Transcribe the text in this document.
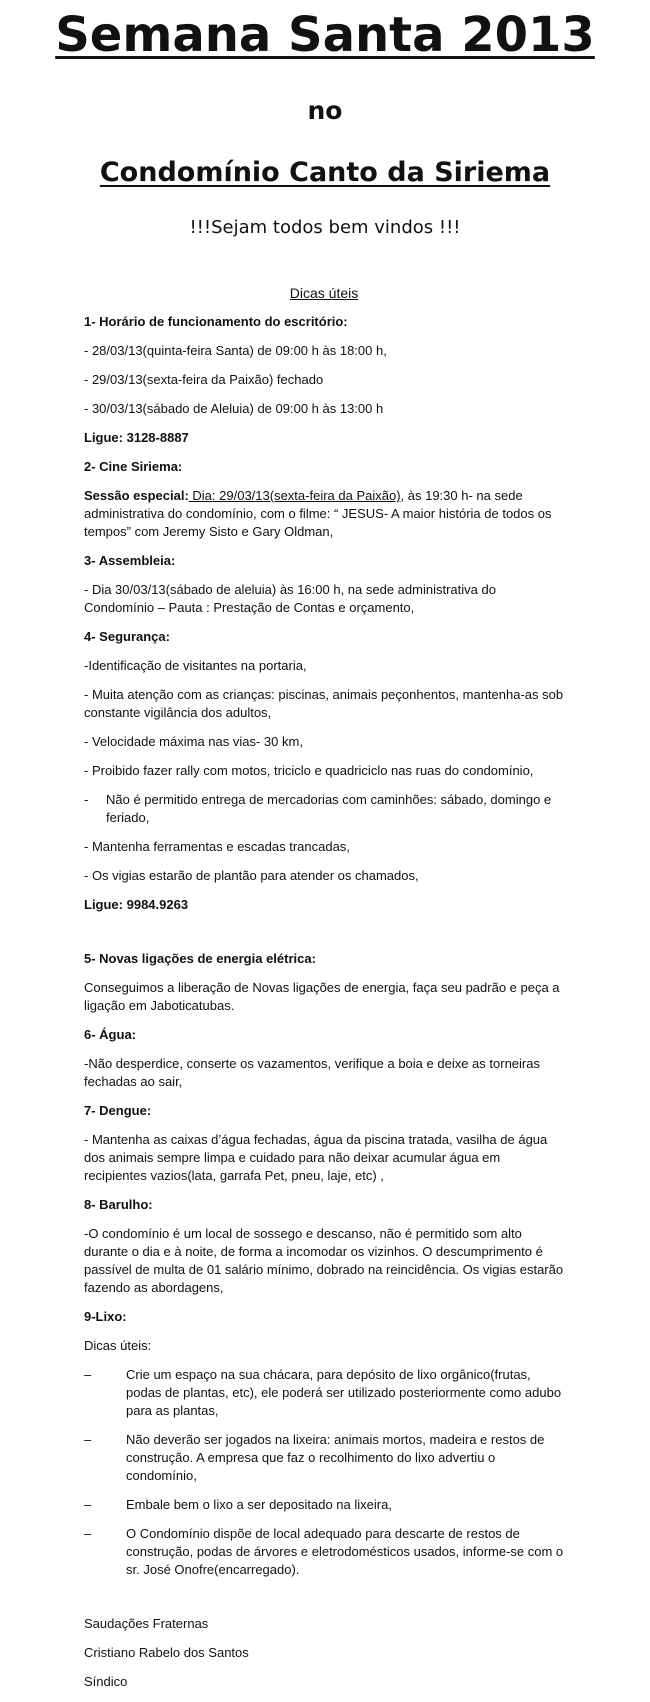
Semana Santa 2013
no
Condomínio Canto da Siriema
!!!Sejam todos bem vindos !!!

Dicas úteis

1- Horário de funcionamento do escritório:

- 28/03/13(quinta-feira Santa) de 09:00 h às 18:00 h,

- 29/03/13(sexta-feira da Paixão) fechado

- 30/03/13(sábado de Aleluia) de 09:00 h às 13:00 h

Ligue: 3128-8887

2- Cine Siriema:

Sessão especial: Dia: 29/03/13(sexta-feira da Paixão), às 19:30 h- na sede administrativa do condomínio, com o filme: “ JESUS- A maior história de todos os tempos” com Jeremy Sisto e Gary Oldman,

3- Assembleia:

- Dia 30/03/13(sábado de aleluia) às 16:00 h, na sede administrativa do Condomínio – Pauta : Prestação de Contas e orçamento,

4- Segurança:

-Identificação de visitantes na portaria,

- Muita atenção com as crianças: piscinas, animais peçonhentos, mantenha-as sob constante vigilância dos adultos,

- Velocidade máxima nas vias- 30 km,

- Proibido fazer rally com motos, triciclo e quadriciclo nas ruas do condomínio,

-	Não é permitido entrega de mercadorias com caminhões: sábado, domingo e feriado,

- Mantenha ferramentas e escadas trancadas,

- Os vigias estarão de plantão para atender os chamados,

Ligue: 9984.9263

5- Novas ligações de energia elétrica:

Conseguimos a liberação de Novas ligações de energia, faça seu padrão e peça a ligação em Jaboticatubas.

6- Água:

-Não desperdice, conserte os vazamentos, verifique a boia e deixe as torneiras fechadas ao sair,

7- Dengue:

- Mantenha as caixas d’água fechadas, água da piscina tratada, vasilha de água dos animais sempre limpa e cuidado para não deixar acumular água em recipientes vazios(lata, garrafa Pet, pneu, laje, etc) ,

8- Barulho:

-O condomínio é um local de sossego e descanso, não é permitido som alto durante o dia e à noite, de forma a incomodar os vizinhos. O descumprimento é passível de multa de 01 salário mínimo, dobrado na reincidência. Os vigias estarão fazendo as abordagens,

9-Lixo:

Dicas úteis:

–	Crie um espaço na sua chácara, para depósito de lixo orgânico(frutas, podas de plantas, etc), ele poderá ser utilizado posteriormente como adubo para as plantas,

–	Não deverão ser jogados na lixeira: animais mortos, madeira e restos de construção. A empresa que faz o recolhimento do lixo advertiu o condomínio,

–	Embale bem o lixo a ser depositado na lixeira,

–	O Condomínio dispõe de local adequado para descarte de restos de construção, podas de árvores e eletrodomésticos usados, informe-se com o sr. José Onofre(encarregado).

Saudações Fraternas

Cristiano Rabelo dos Santos

Síndico
